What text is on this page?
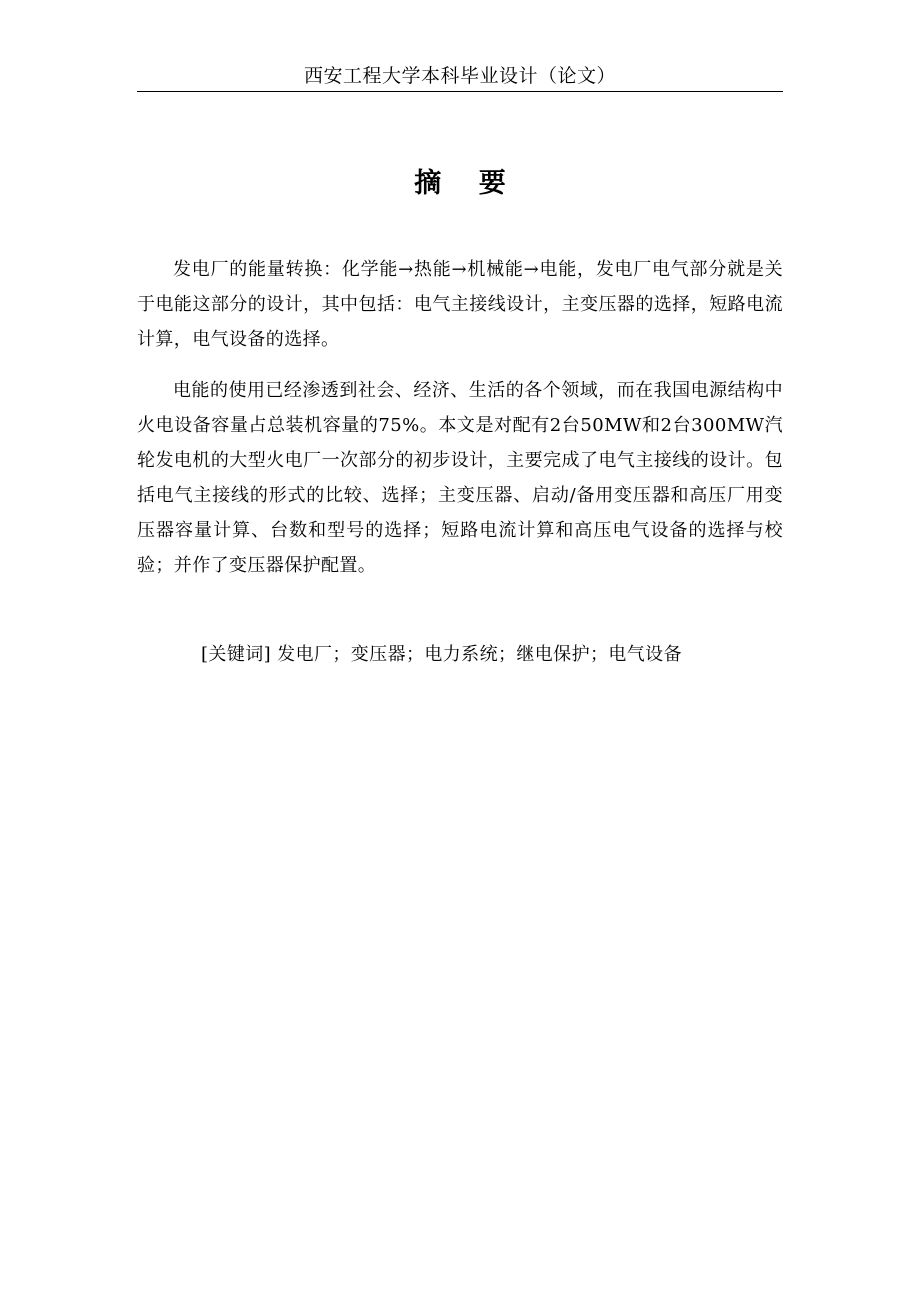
西安工程大学本科毕业设计（论文）
摘 要

发电厂的能量转换：化学能→热能→机械能→电能，发电厂电气部分就是关于电能这部分的设计，其中包括：电气主接线设计，主变压器的选择，短路电流计算，电气设备的选择。

电能的使用已经渗透到社会、经济、生活的各个领域，而在我国电源结构中火电设备容量占总装机容量的75%。本文是对配有2台50MW和2台300MW汽轮发电机的大型火电厂一次部分的初步设计，主要完成了电气主接线的设计。包括电气主接线的形式的比较、选择；主变压器、启动/备用变压器和高压厂用变压器容量计算、台数和型号的选择；短路电流计算和高压电气设备的选择与校验；并作了变压器保护配置。

[关键词] 发电厂；变压器；电力系统；继电保护；电气设备
